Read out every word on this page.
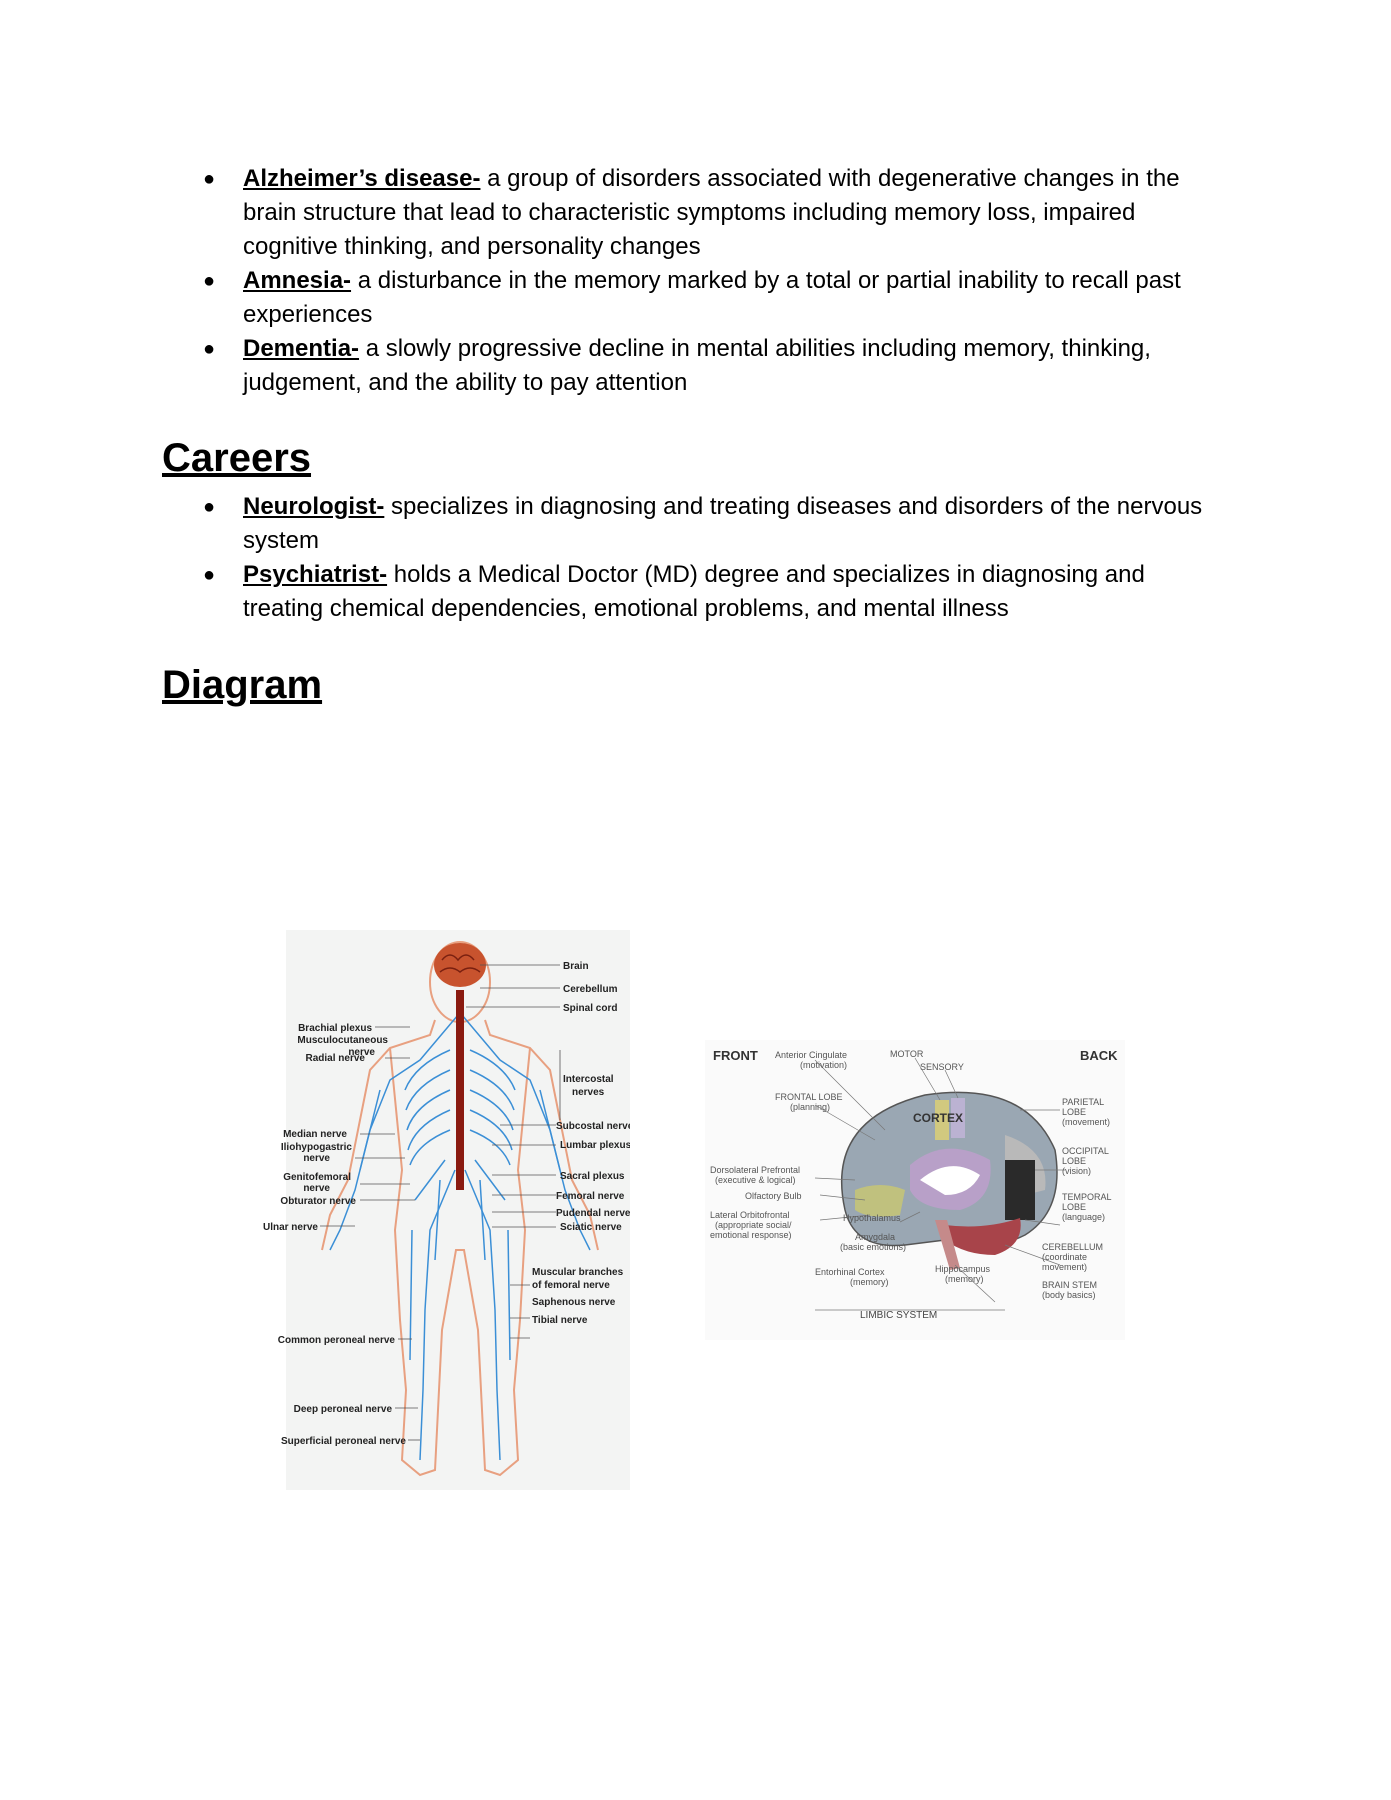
● Alzheimer’s disease- a group of disorders associated with degenerative changes in the brain structure that lead to characteristic symptoms including memory loss, impaired cognitive thinking, and personality changes
● Amnesia- a disturbance in the memory marked by a total or partial inability to recall past experiences
● Dementia- a slowly progressive decline in mental abilities including memory, thinking, judgement, and the ability to pay attention
Careers
● Neurologist- specializes in diagnosing and treating diseases and disorders of the nervous system
● Psychiatrist- holds a Medical Doctor (MD) degree and specializes in diagnosing and treating chemical dependencies, emotional problems, and mental illness
Diagram
Brain
Cerebellum
Spinal cord
Intercostal
nerves
Subcostal nerve
Lumbar plexus
Sacral plexus
Femoral nerve
Pudendal nerve
Sciatic nerve
Muscular branches
of femoral nerve
Saphenous nerve
Tibial nerve
Brachial plexus
Musculocutaneous
nerve
Radial nerve
Median nerve
Iliohypogastric
nerve
Genitofemoral
nerve
Obturator nerve
Ulnar nerve
Common peroneal nerve
Deep peroneal nerve
Superficial peroneal nerve
FRONT	BACK
Anterior Cingulate
(motivation)
MOTOR
SENSORY
FRONTAL LOBE
(planning)
CORTEX
Dorsolateral Prefrontal
(executive & logical)
Olfactory Bulb
Lateral Orbitofrontal
(appropriate social/
emotional response)
Hypothalamus
Amygdala
(basic emotions)
Entorhinal Cortex
(memory)
Hippocampus
(memory)
LIMBIC SYSTEM
PARIETAL
LOBE
(movement)
OCCIPITAL
LOBE
(vision)
TEMPORAL
LOBE
(language)
CEREBELLUM
(coordinate
movement)
BRAIN STEM
(body basics)
